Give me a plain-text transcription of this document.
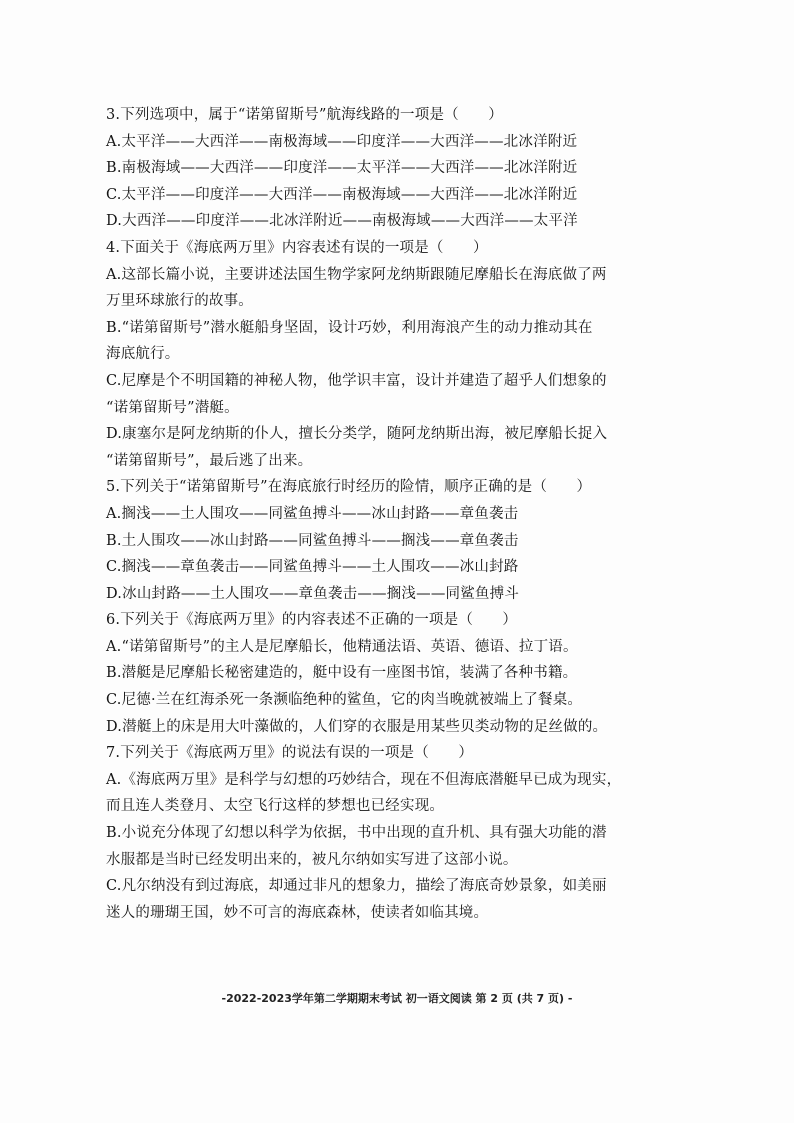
3.下列选项中，属于“诺第留斯号”航海线路的一项是（　　）
A.太平洋——大西洋——南极海域——印度洋——大西洋——北冰洋附近
B.南极海域——大西洋——印度洋——太平洋——大西洋——北冰洋附近
C.太平洋——印度洋——大西洋——南极海域——大西洋——北冰洋附近
D.大西洋——印度洋——北冰洋附近——南极海域——大西洋——太平洋
4.下面关于《海底两万里》内容表述有误的一项是（　　）
A.这部长篇小说，主要讲述法国生物学家阿龙纳斯跟随尼摩船长在海底做了两
万里环球旅行的故事。
B.“诺第留斯号”潜水艇船身坚固，设计巧妙，利用海浪产生的动力推动其在
海底航行。
C.尼摩是个不明国籍的神秘人物，他学识丰富，设计并建造了超乎人们想象的
“诺第留斯号”潜艇。
D.康塞尔是阿龙纳斯的仆人，擅长分类学，随阿龙纳斯出海，被尼摩船长捉入
“诺第留斯号”，最后逃了出来。
5.下列关于“诺第留斯号”在海底旅行时经历的险情，顺序正确的是（　　）
A.搁浅——土人围攻——同鲨鱼搏斗——冰山封路——章鱼袭击
B.土人围攻——冰山封路——同鲨鱼搏斗——搁浅——章鱼袭击
C.搁浅——章鱼袭击——同鲨鱼搏斗——土人围攻——冰山封路
D.冰山封路——土人围攻——章鱼袭击——搁浅——同鲨鱼搏斗
6.下列关于《海底两万里》的内容表述不正确的一项是（　　）
A.“诺第留斯号”的主人是尼摩船长，他精通法语、英语、德语、拉丁语。
B.潜艇是尼摩船长秘密建造的，艇中设有一座图书馆，装满了各种书籍。
C.尼德·兰在红海杀死一条濒临绝种的鲨鱼，它的肉当晚就被端上了餐桌。
D.潜艇上的床是用大叶藻做的，人们穿的衣服是用某些贝类动物的足丝做的。
7.下列关于《海底两万里》的说法有误的一项是（　　）
A.《海底两万里》是科学与幻想的巧妙结合，现在不但海底潜艇早已成为现实，
而且连人类登月、太空飞行这样的梦想也已经实现。
B.小说充分体现了幻想以科学为依据，书中出现的直升机、具有强大功能的潜
水服都是当时已经发明出来的，被凡尔纳如实写进了这部小说。
C.凡尔纳没有到过海底，却通过非凡的想象力，描绘了海底奇妙景象，如美丽
迷人的珊瑚王国，妙不可言的海底森林，使读者如临其境。
-2022-2023学年第二学期期末考试 初一语文阅读 第 2 页 (共 7 页) -
